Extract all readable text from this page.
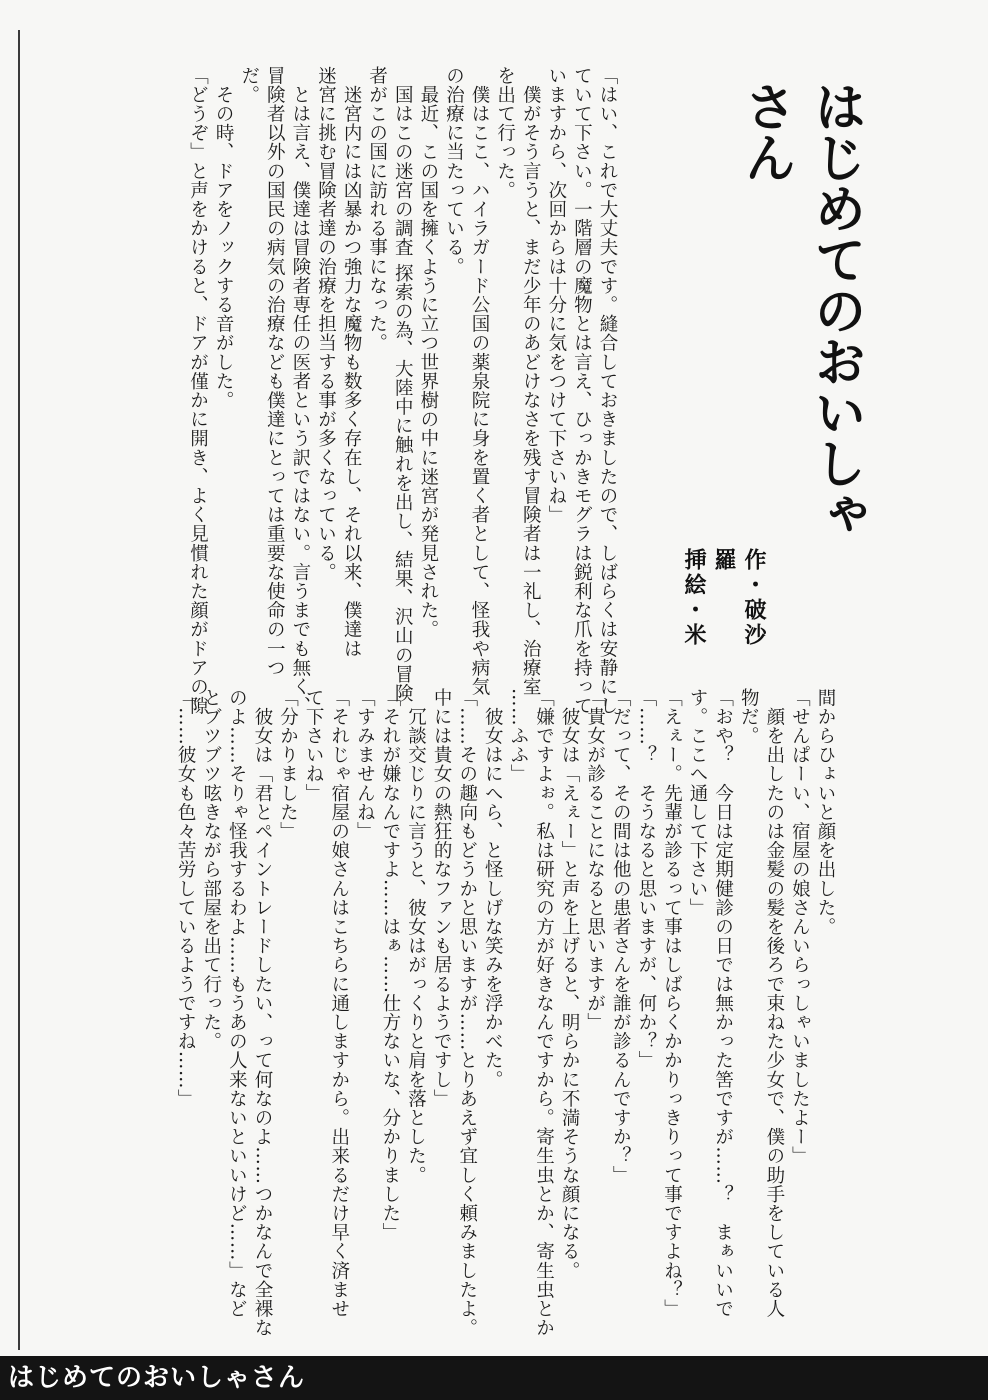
はじめてのおいしゃさん
作・破沙羅
挿絵・米
「はい、これで大丈夫です。縫合しておきましたので、しばらくは安静にし
ていて下さい。一階層の魔物とは言え、ひっかきモグラは鋭利な爪を持って
いますから、次回からは十分に気をつけて下さいね」
　僕がそう言うと、まだ少年のあどけなさを残す冒険者は一礼し、治療室
を出て行った。
　僕はここ、ハイラガード公国の薬泉院に身を置く者として、怪我や病気
の治療に当たっている。
　最近、この国を擁くように立つ世界樹の中に迷宮が発見された。
　国はこの迷宮の調査 探索の為、大陸中に触れを出し、結果、沢山の冒険
者がこの国に訪れる事になった。
　迷宮内には凶暴かつ強力な魔物も数多く存在し、それ以来、僕達は
迷宮に挑む冒険者達の治療を担当する事が多くなっている。
　とは言え、僕達は冒険者専任の医者という訳ではない。言うまでも無く、
冒険者以外の国民の病気の治療なども僕達にとっては重要な使命の一つ
だ。
　その時、ドアをノックする音がした。
「どうぞ」と声をかけると、ドアが僅かに開き、よく見慣れた顔がドアの隙
間からひょいと顔を出した。
「せんぱーい、宿屋の娘さんいらっしゃいましたよー」
　顔を出したのは金髪の髪を後ろで束ねた少女で、僕の助手をしている人
物だ。
「おや？　今日は定期健診の日では無かった筈ですが……？　まぁいいで
す。ここへ通して下さい」
「えぇー。先輩が診るって事はしばらくかかりっきりって事ですよね？」
「……？　そうなると思いますが、何か？」
「だって、その間は他の患者さんを誰が診るんですか？」
「貴女が診ることになると思いますが」
　彼女は「えぇー」と声を上げると、明らかに不満そうな顔になる。
「嫌ですよぉ。私は研究の方が好きなんですから。寄生虫とか、寄生虫とか
……ふふ」
　彼女はにへら、と怪しげな笑みを浮かべた。
「……その趣向もどうかと思いますが……とりあえず宜しく頼みましたよ。
中には貴女の熱狂的なファンも居るようですし」
　冗談交じりに言うと、彼女はがっくりと肩を落とした。
「それが嫌なんですよ……はぁ……仕方ないな、分かりました」
「すみませんね」
「それじゃ宿屋の娘さんはこちらに通しますから。出来るだけ早く済ませ
て下さいね」
「分かりました」
　彼女は「君とペイントレードしたい、って何なのよ……つかなんで全裸な
のよ……そりゃ怪我するわよ……もうあの人来ないといいけど……」など
とブツブツ呟きながら部屋を出て行った。
「……彼女も色々苦労しているようですね……」
はじめてのおいしゃさん
